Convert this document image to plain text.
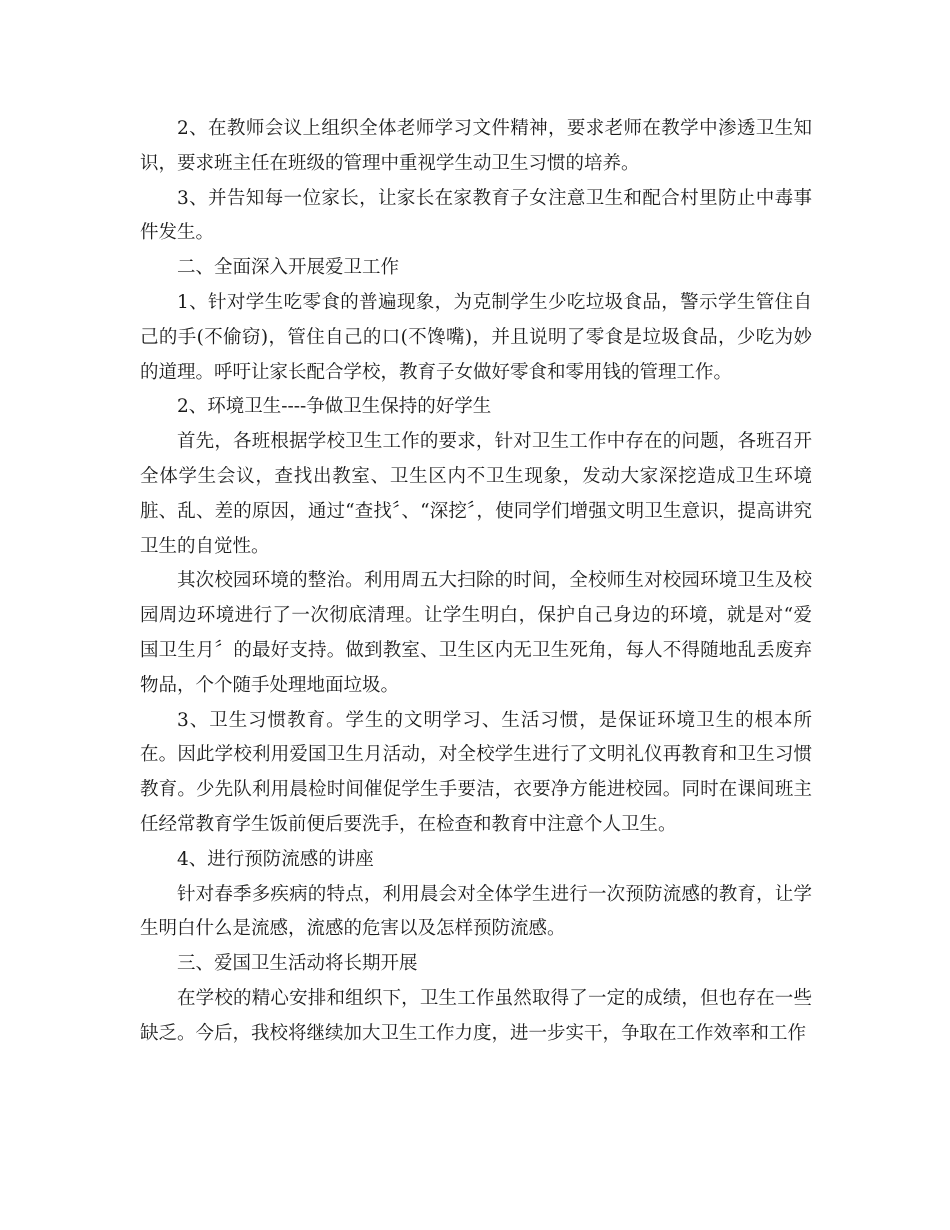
2、在教师会议上组织全体老师学习文件精神，要求老师在教学中渗透卫生知识，要求班主任在班级的管理中重视学生动卫生习惯的培养。

3、并告知每一位家长，让家长在家教育子女注意卫生和配合村里防止中毒事件发生。

二、全面深入开展爱卫工作

1、针对学生吃零食的普遍现象，为克制学生少吃垃圾食品，警示学生管住自己的手(不偷窃)，管住自己的口(不馋嘴)，并且说明了零食是垃圾食品，少吃为妙的道理。呼吁让家长配合学校，教育子女做好零食和零用钱的管理工作。

2、环境卫生----争做卫生保持的好学生

首先，各班根据学校卫生工作的要求，针对卫生工作中存在的问题，各班召开全体学生会议，查找出教室、卫生区内不卫生现象，发动大家深挖造成卫生环境脏、乱、差的原因，通过“查找〞、“深挖〞，使同学们增强文明卫生意识，提高讲究卫生的自觉性。

其次校园环境的整治。利用周五大扫除的时间，全校师生对校园环境卫生及校园周边环境进行了一次彻底清理。让学生明白，保护自己身边的环境，就是对“爱国卫生月〞的最好支持。做到教室、卫生区内无卫生死角，每人不得随地乱丢废弃物品，个个随手处理地面垃圾。

3、卫生习惯教育。学生的文明学习、生活习惯，是保证环境卫生的根本所在。因此学校利用爱国卫生月活动，对全校学生进行了文明礼仪再教育和卫生习惯教育。少先队利用晨检时间催促学生手要洁，衣要净方能进校园。同时在课间班主任经常教育学生饭前便后要洗手，在检查和教育中注意个人卫生。

4、进行预防流感的讲座

针对春季多疾病的特点，利用晨会对全体学生进行一次预防流感的教育，让学生明白什么是流感，流感的危害以及怎样预防流感。

三、爱国卫生活动将长期开展

在学校的精心安排和组织下，卫生工作虽然取得了一定的成绩，但也存在一些缺乏。今后，我校将继续加大卫生工作力度，进一步实干，争取在工作效率和工作
